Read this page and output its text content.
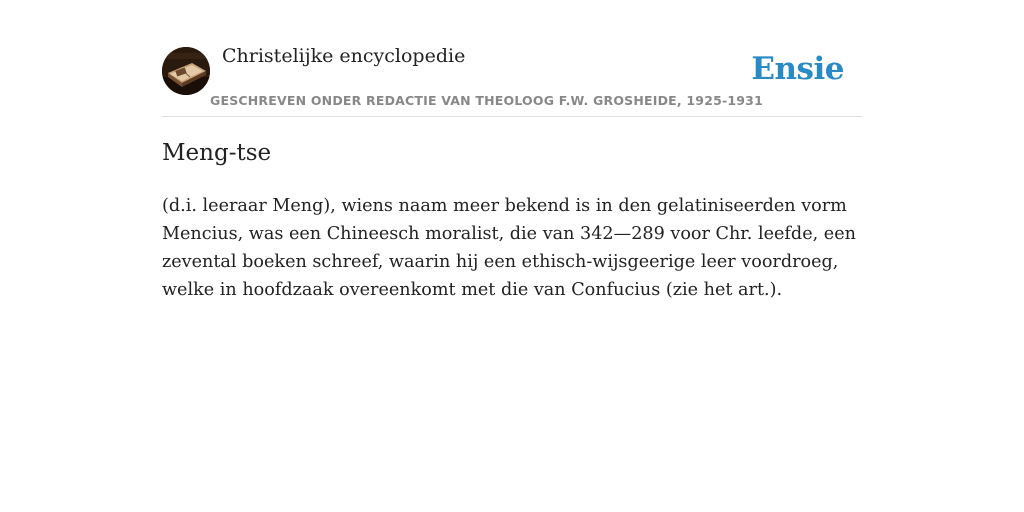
Christelijke encyclopedie
GESCHREVEN ONDER REDACTIE VAN THEOLOOG F.W. GROSHEIDE, 1925-1931
Ensie
Meng-tse

(d.i. leeraar Meng), wiens naam meer bekend is in den gelatiniseerden vorm Mencius, was een Chineesch moralist, die van 342—289 voor Chr. leefde, een zevental boeken schreef, waarin hij een ethisch-wijsgeerige leer voordroeg, welke in hoofdzaak overeenkomt met die van Confucius (zie het art.).
